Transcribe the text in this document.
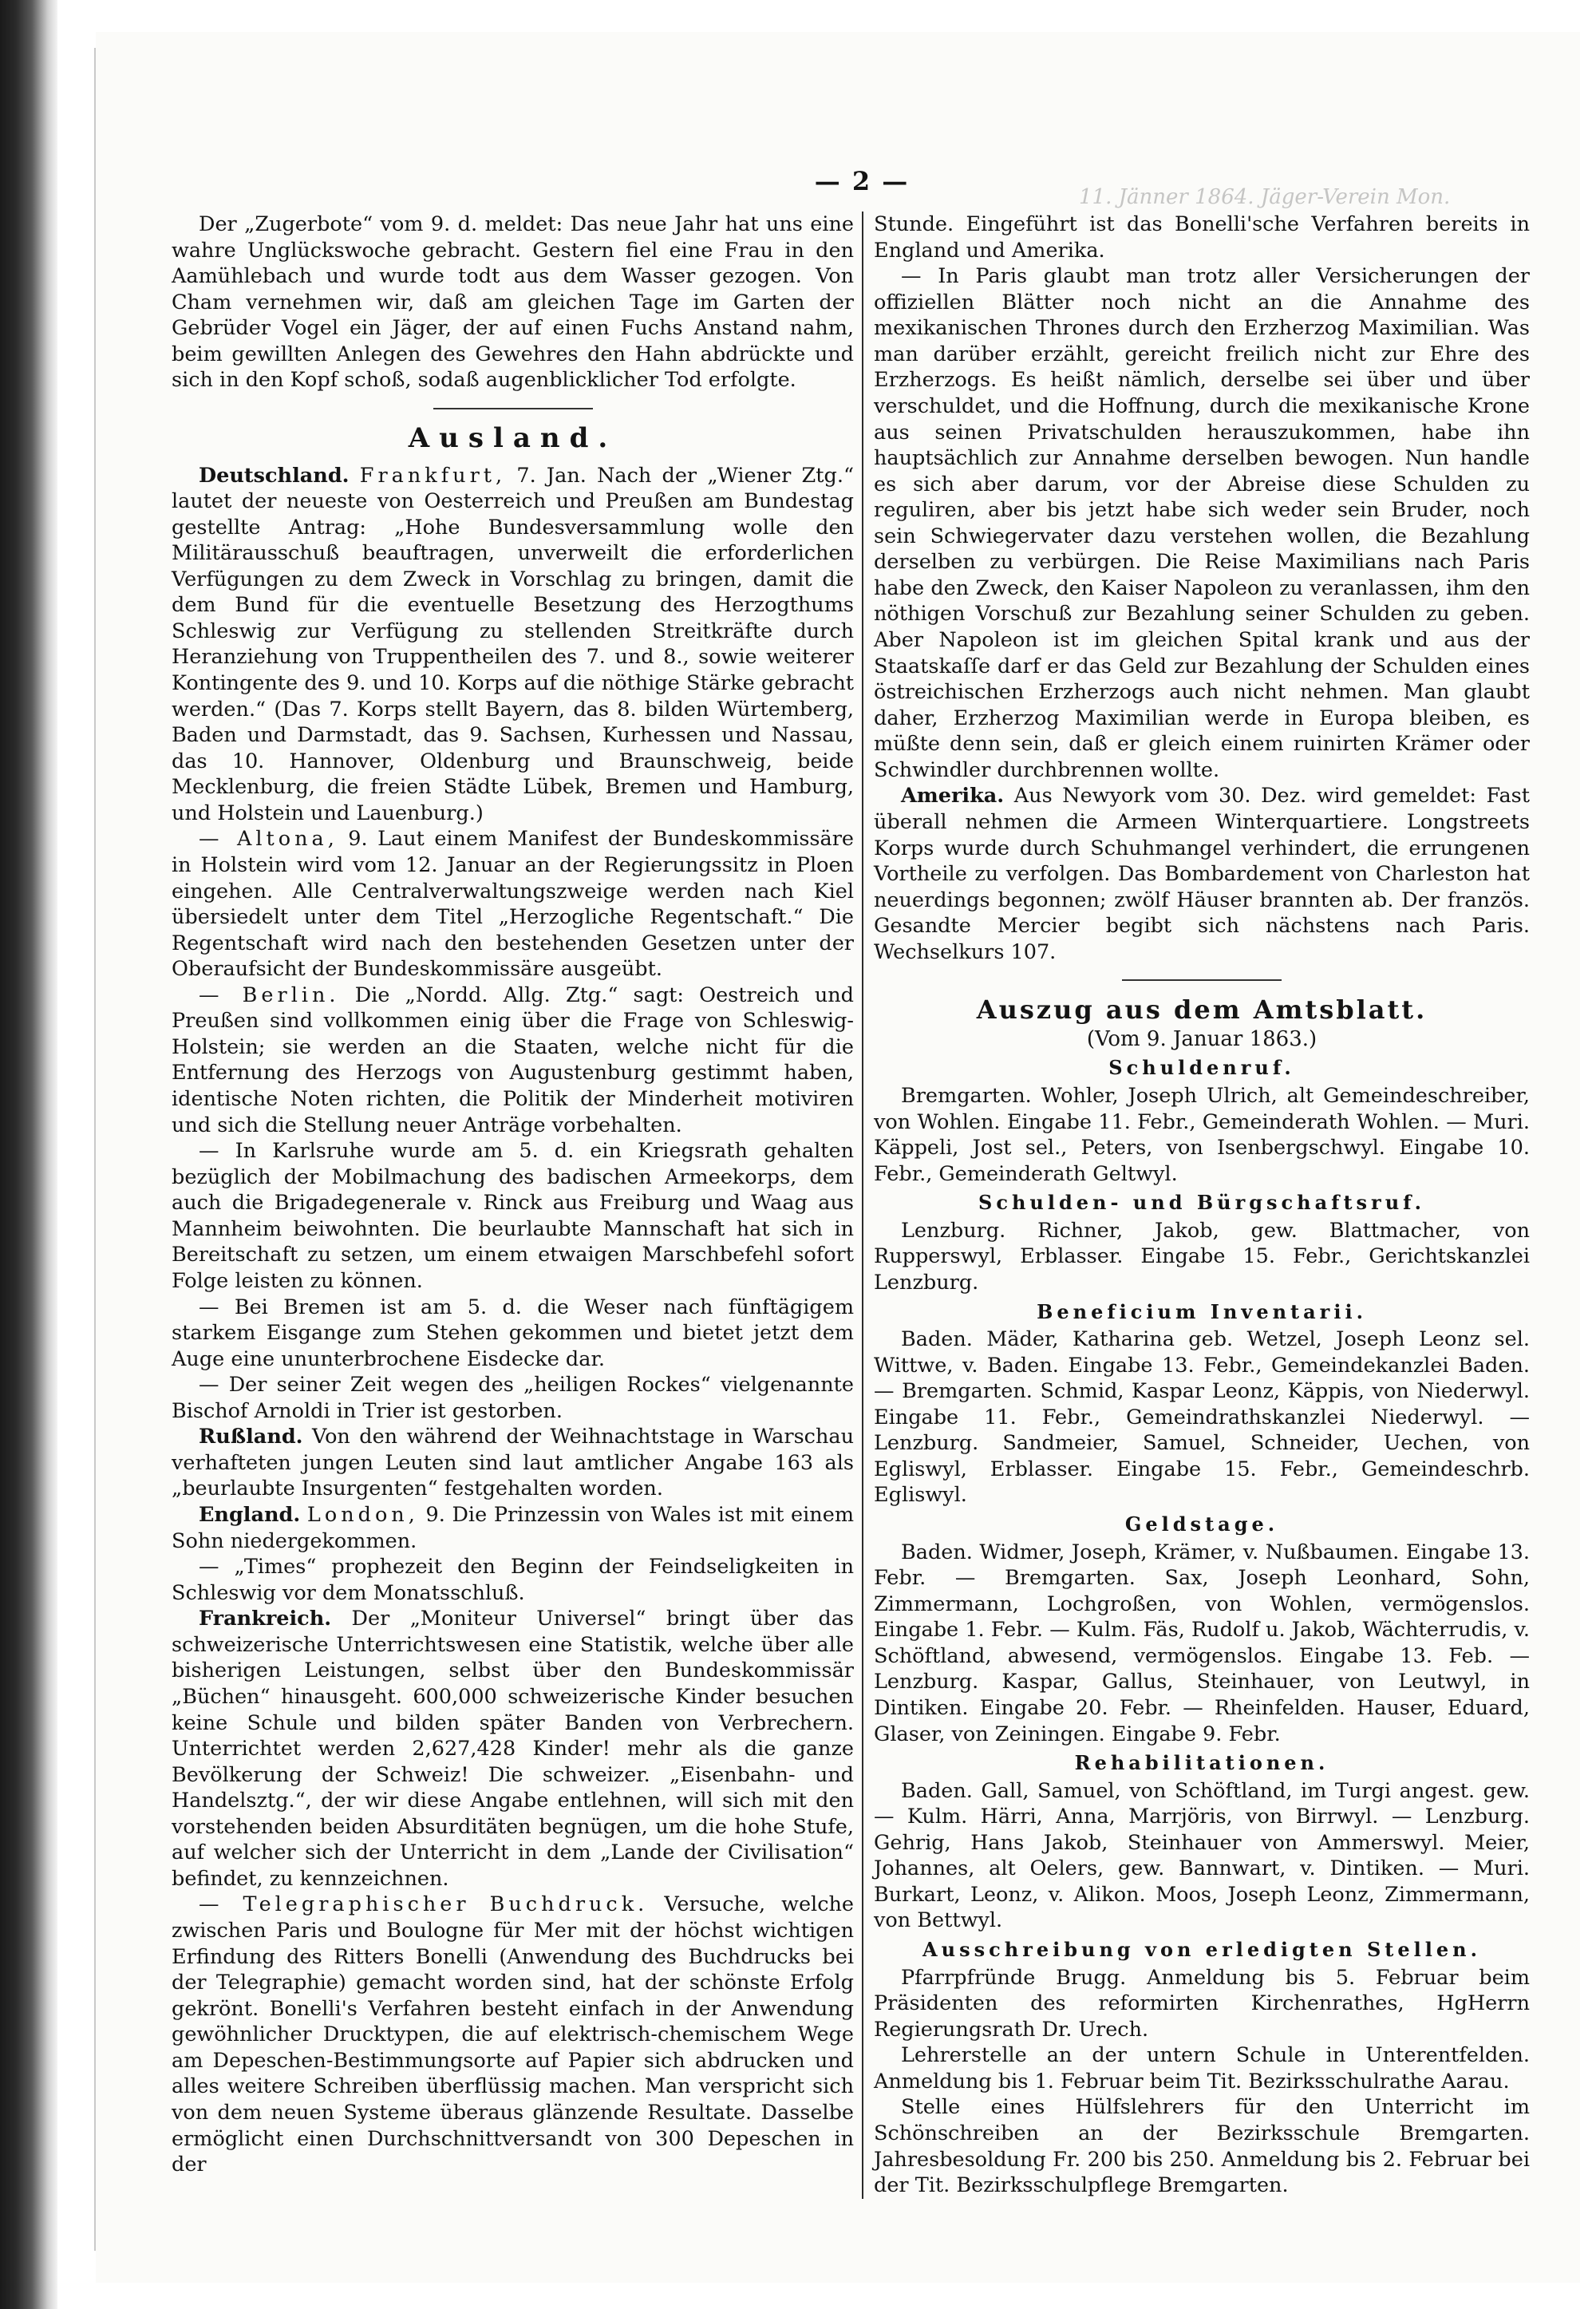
11. Jänner 1864. Jäger-Verein Mon.
— 2 —

Der „Zugerbote“ vom 9. d. meldet: Das neue Jahr hat uns eine wahre Unglückswoche gebracht. Gestern fiel eine Frau in den Aamühlebach und wurde todt aus dem Wasser gezogen. Von Cham vernehmen wir, daß am gleichen Tage im Garten der Gebrüder Vogel ein Jäger, der auf einen Fuchs Anstand nahm, beim gewillten Anlegen des Gewehres den Hahn abdrückte und sich in den Kopf schoß, sodaß augenblicklicher Tod erfolgte.

Ausland.

Deutschland. Frankfurt, 7. Jan. Nach der „Wiener Ztg.“ lautet der neueste von Oesterreich und Preußen am Bundestag gestellte Antrag: „Hohe Bundesversammlung wolle den Militärausschuß beauftragen, unverweilt die erforderlichen Verfügungen zu dem Zweck in Vorschlag zu bringen, damit die dem Bund für die eventuelle Besetzung des Herzogthums Schleswig zur Verfügung zu stellenden Streitkräfte durch Heranziehung von Truppentheilen des 7. und 8., sowie weiterer Kontingente des 9. und 10. Korps auf die nöthige Stärke gebracht werden.“ (Das 7. Korps stellt Bayern, das 8. bilden Würtemberg, Baden und Darmstadt, das 9. Sachsen, Kurhessen und Nassau, das 10. Hannover, Oldenburg und Braunschweig, beide Mecklenburg, die freien Städte Lübek, Bremen und Hamburg, und Holstein und Lauenburg.)

— Altona, 9. Laut einem Manifest der Bundeskommissäre in Holstein wird vom 12. Januar an der Regierungssitz in Ploen eingehen. Alle Centralverwaltungszweige werden nach Kiel übersiedelt unter dem Titel „Herzogliche Regentschaft.“ Die Regentschaft wird nach den bestehenden Gesetzen unter der Oberaufsicht der Bundeskommissäre ausgeübt.

— Berlin. Die „Nordd. Allg. Ztg.“ sagt: Oestreich und Preußen sind vollkommen einig über die Frage von Schleswig-Holstein; sie werden an die Staaten, welche nicht für die Entfernung des Herzogs von Augustenburg gestimmt haben, identische Noten richten, die Politik der Minderheit motiviren und sich die Stellung neuer Anträge vorbehalten.

— In Karlsruhe wurde am 5. d. ein Kriegsrath gehalten bezüglich der Mobilmachung des badischen Armeekorps, dem auch die Brigadegenerale v. Rinck aus Freiburg und Waag aus Mannheim beiwohnten. Die beurlaubte Mannschaft hat sich in Bereitschaft zu setzen, um einem etwaigen Marschbefehl sofort Folge leisten zu können.

— Bei Bremen ist am 5. d. die Weser nach fünftägigem starkem Eisgange zum Stehen gekommen und bietet jetzt dem Auge eine ununterbrochene Eisdecke dar.

— Der seiner Zeit wegen des „heiligen Rockes“ vielgenannte Bischof Arnoldi in Trier ist gestorben.

Rußland. Von den während der Weihnachtstage in Warschau verhafteten jungen Leuten sind laut amtlicher Angabe 163 als „beurlaubte Insurgenten“ festgehalten worden.

England. London, 9. Die Prinzessin von Wales ist mit einem Sohn niedergekommen.

— „Times“ prophezeit den Beginn der Feindseligkeiten in Schleswig vor dem Monatsschluß.

Frankreich. Der „Moniteur Universel“ bringt über das schweizerische Unterrichtswesen eine Statistik, welche über alle bisherigen Leistungen, selbst über den Bundeskommissär „Büchen“ hinausgeht. 600,000 schweizerische Kinder besuchen keine Schule und bilden später Banden von Verbrechern. Unterrichtet werden 2,627,428 Kinder! mehr als die ganze Bevölkerung der Schweiz! Die schweizer. „Eisenbahn- und Handelsztg.“, der wir diese Angabe entlehnen, will sich mit den vorstehenden beiden Absurditäten begnügen, um die hohe Stufe, auf welcher sich der Unterricht in dem „Lande der Civilisation“ befindet, zu kennzeichnen.

— Telegraphischer Buchdruck. Versuche, welche zwischen Paris und Boulogne für Mer mit der höchst wichtigen Erfindung des Ritters Bonelli (Anwendung des Buchdrucks bei der Telegraphie) gemacht worden sind, hat der schönste Erfolg gekrönt. Bonelli's Verfahren besteht einfach in der Anwendung gewöhnlicher Drucktypen, die auf elektrisch-chemischem Wege am Depeschen-Bestimmungsorte auf Papier sich abdrucken und alles weitere Schreiben überflüssig machen. Man verspricht sich von dem neuen Systeme überaus glänzende Resultate. Dasselbe ermöglicht einen Durchschnittversandt von 300 Depeschen in der

Stunde. Eingeführt ist das Bonelli'sche Verfahren bereits in England und Amerika.

— In Paris glaubt man trotz aller Versicherungen der offiziellen Blätter noch nicht an die Annahme des mexikanischen Thrones durch den Erzherzog Maximilian. Was man darüber erzählt, gereicht freilich nicht zur Ehre des Erzherzogs. Es heißt nämlich, derselbe sei über und über verschuldet, und die Hoffnung, durch die mexikanische Krone aus seinen Privatschulden herauszukommen, habe ihn hauptsächlich zur Annahme derselben bewogen. Nun handle es sich aber darum, vor der Abreise diese Schulden zu reguliren, aber bis jetzt habe sich weder sein Bruder, noch sein Schwiegervater dazu verstehen wollen, die Bezahlung derselben zu verbürgen. Die Reise Maximilians nach Paris habe den Zweck, den Kaiser Napoleon zu veranlassen, ihm den nöthigen Vorschuß zur Bezahlung seiner Schulden zu geben. Aber Napoleon ist im gleichen Spital krank und aus der Staatskaſſe darf er das Geld zur Bezahlung der Schulden eines östreichischen Erzherzogs auch nicht nehmen. Man glaubt daher, Erzherzog Maximilian werde in Europa bleiben, es müßte denn sein, daß er gleich einem ruinirten Krämer oder Schwindler durchbrennen wollte.

Amerika. Aus Newyork vom 30. Dez. wird gemeldet: Fast überall nehmen die Armeen Winterquartiere. Longstreets Korps wurde durch Schuhmangel verhindert, die errungenen Vortheile zu verfolgen. Das Bombardement von Charleston hat neuerdings begonnen; zwölf Häuser brannten ab. Der französ. Gesandte Mercier begibt sich nächstens nach Paris. Wechselkurs 107.

Auszug aus dem Amtsblatt.
(Vom 9. Januar 1863.)
Schuldenruf.

Bremgarten. Wohler, Joseph Ulrich, alt Gemeindeschreiber, von Wohlen. Eingabe 11. Febr., Gemeinderath Wohlen. — Muri. Käppeli, Jost sel., Peters, von Isenbergschwyl. Eingabe 10. Febr., Gemeinderath Geltwyl.

Schulden- und Bürgschaftsruf.

Lenzburg. Richner, Jakob, gew. Blattmacher, von Rupperswyl, Erblasser. Eingabe 15. Febr., Gerichtskanzlei Lenzburg.

Beneficium Inventarii.

Baden. Mäder, Katharina geb. Wetzel, Joseph Leonz sel. Wittwe, v. Baden. Eingabe 13. Febr., Gemeindekanzlei Baden. — Bremgarten. Schmid, Kaspar Leonz, Käppis, von Niederwyl. Eingabe 11. Febr., Gemeindrathskanzlei Niederwyl. — Lenzburg. Sandmeier, Samuel, Schneider, Uechen, von Egliswyl, Erblasser. Eingabe 15. Febr., Gemeindeschrb. Egliswyl.

Geldstage.

Baden. Widmer, Joseph, Krämer, v. Nußbaumen. Eingabe 13. Febr. — Bremgarten. Sax, Joseph Leonhard, Sohn, Zimmermann, Lochgroßen, von Wohlen, vermögenslos. Eingabe 1. Febr. — Kulm. Fäs, Rudolf u. Jakob, Wächterrudis, v. Schöftland, abwesend, vermögenslos. Eingabe 13. Feb. — Lenzburg. Kaspar, Gallus, Steinhauer, von Leutwyl, in Dintiken. Eingabe 20. Febr. — Rheinfelden. Hauser, Eduard, Glaser, von Zeiningen. Eingabe 9. Febr.

Rehabilitationen.

Baden. Gall, Samuel, von Schöftland, im Turgi angest. gew. — Kulm. Härri, Anna, Marrjöris, von Birrwyl. — Lenzburg. Gehrig, Hans Jakob, Steinhauer von Ammerswyl. Meier, Johannes, alt Oelers, gew. Bannwart, v. Dintiken. — Muri. Burkart, Leonz, v. Alikon. Moos, Joseph Leonz, Zimmermann, von Bettwyl.

Ausschreibung von erledigten Stellen.

Pfarrpfründe Brugg. Anmeldung bis 5. Februar beim Präsidenten des reformirten Kirchenrathes, HgHerrn Regierungsrath Dr. Urech.

Lehrerstelle an der untern Schule in Unterentfelden. Anmeldung bis 1. Februar beim Tit. Bezirksschulrathe Aarau.

Stelle eines Hülfslehrers für den Unterricht im Schönschreiben an der Bezirksschule Bremgarten. Jahresbesoldung Fr. 200 bis 250. Anmeldung bis 2. Februar bei der Tit. Bezirksschulpflege Bremgarten.
